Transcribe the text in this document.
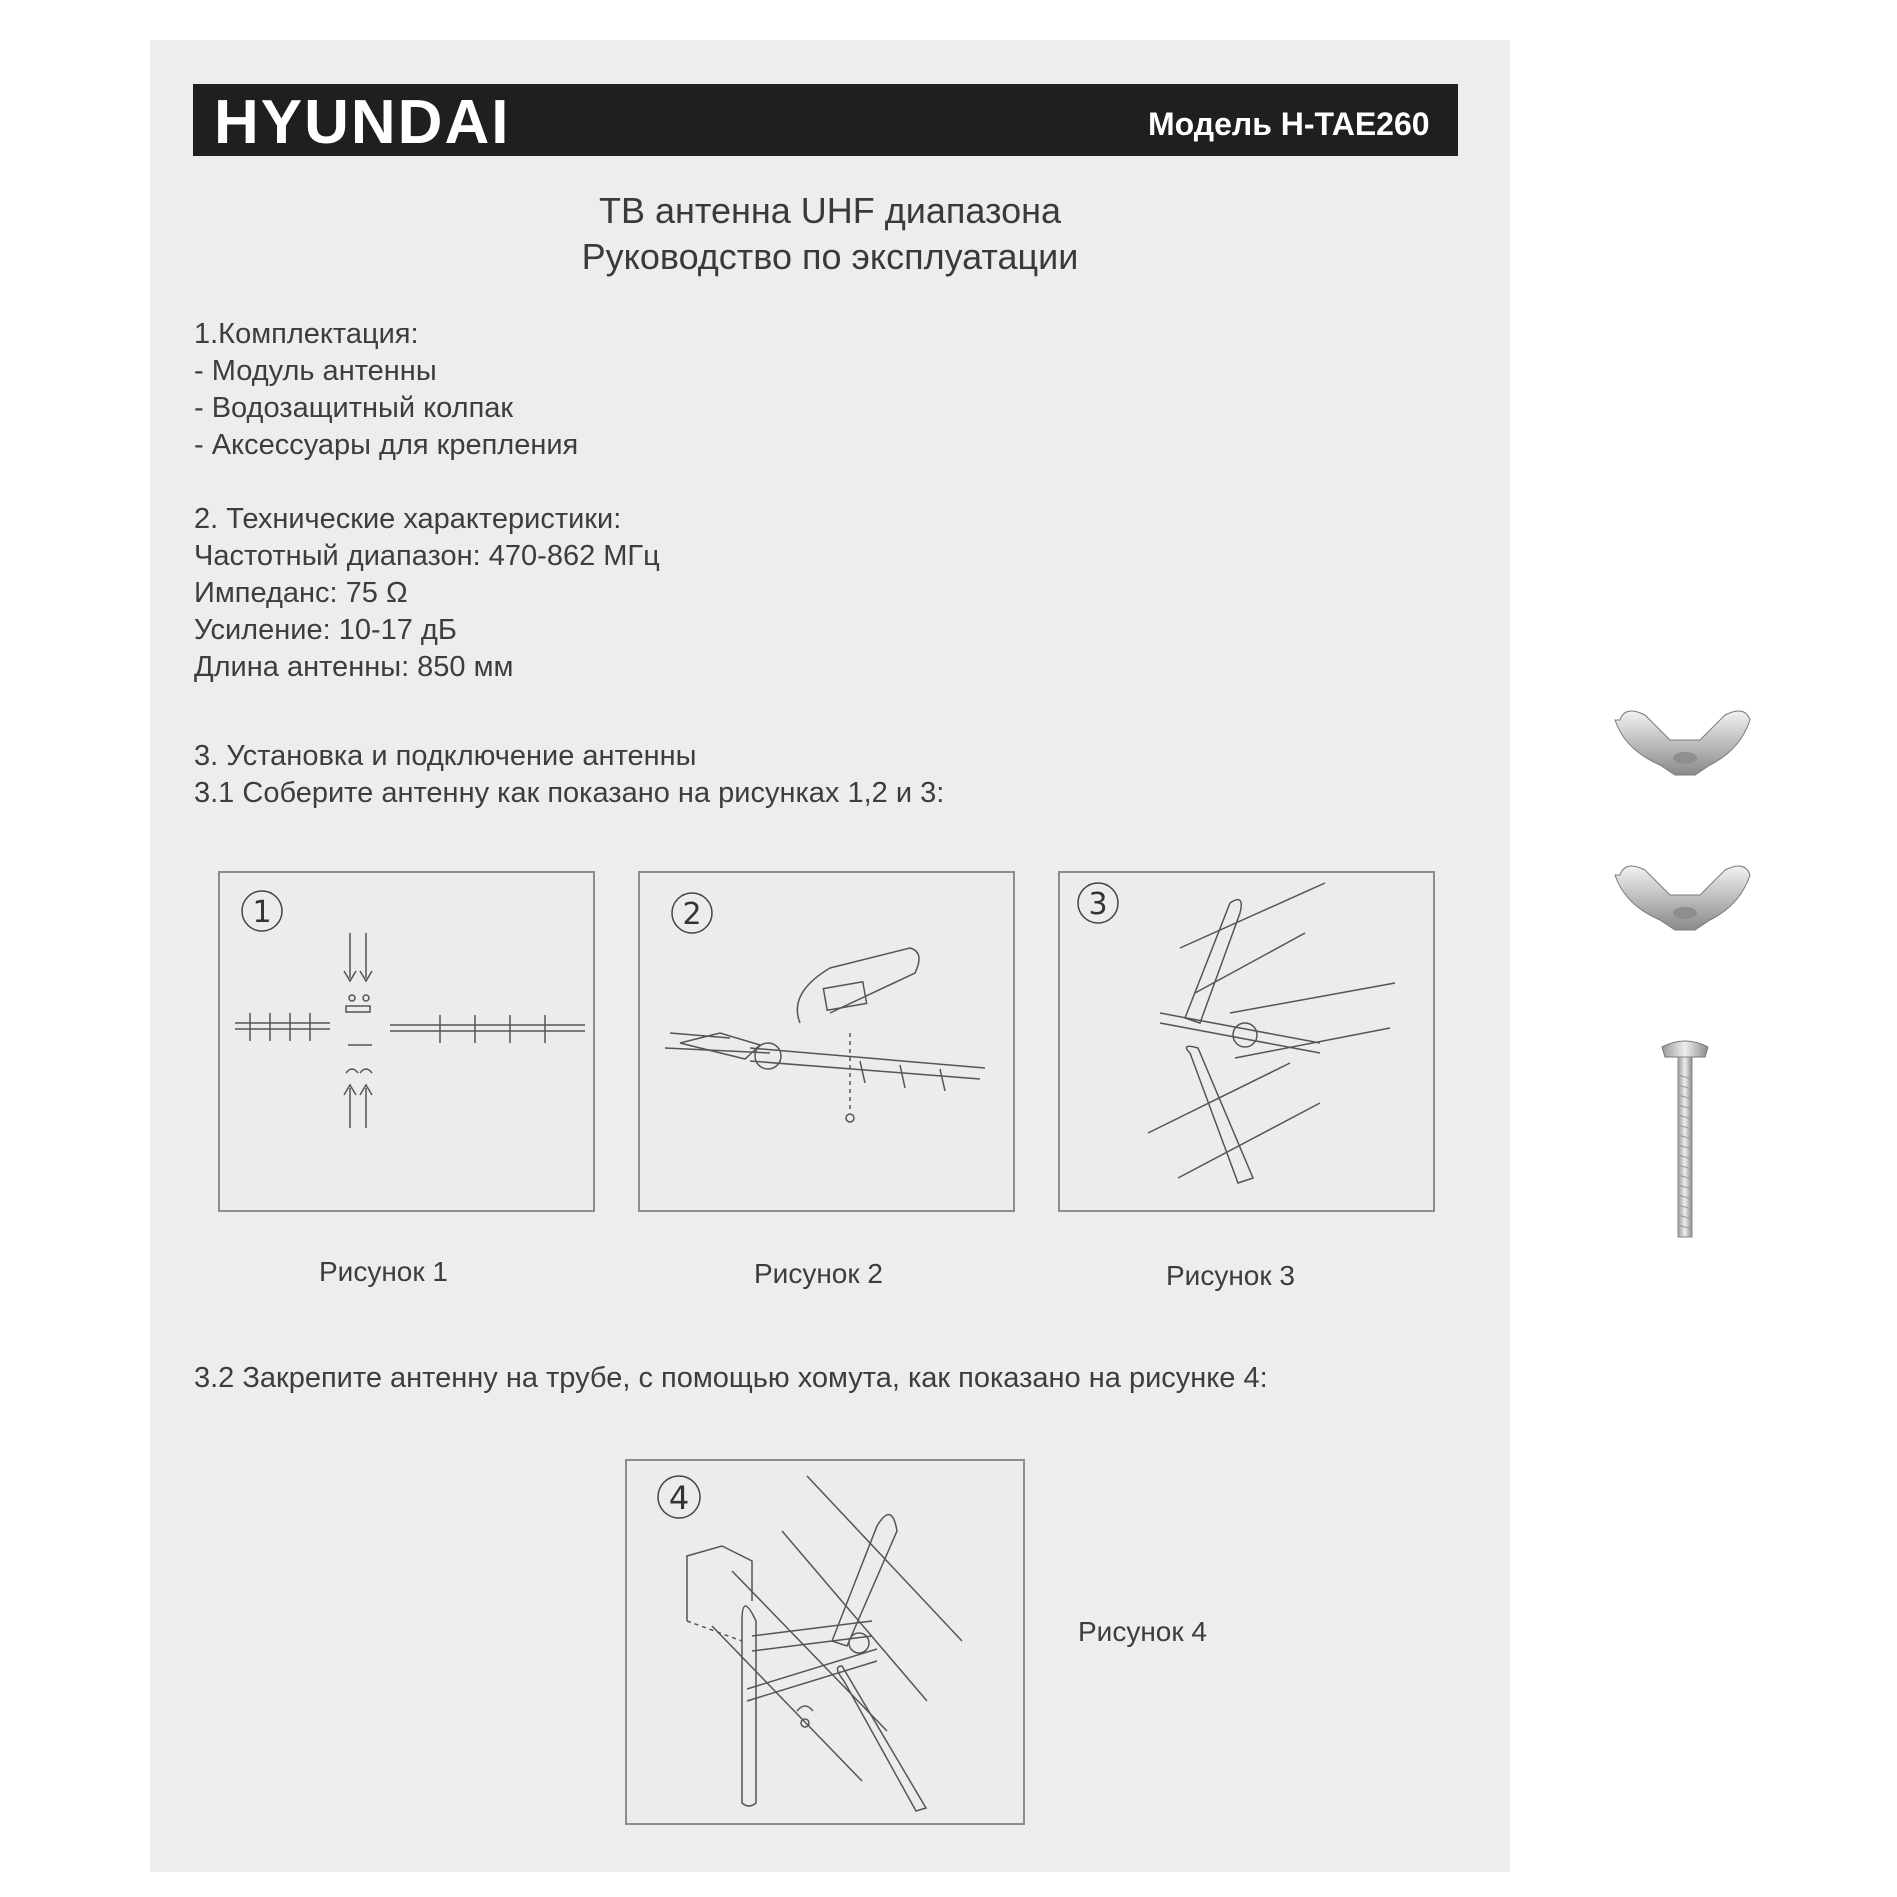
HYUNDAI	Модель H-TAE260
ТВ антенна UHF диапазона
Руководство по эксплуатации
1.Комплектация:
- Модуль антенны
- Водозащитный колпак
- Аксессуары для крепления
2. Технические характеристики:
Частотный диапазон: 470-862 МГц
Импеданс: 75 Ω
Усиление: 10-17 дБ
Длина антенны: 850 мм
3. Установка и подключение антенны
3.1 Соберите антенну как показано на рисунках 1,2 и 3:
1	2	3
Рисунок 1	Рисунок 2	Рисунок 3
3.2 Закрепите антенну на трубе, с помощью хомута, как показано на рисунке 4:
4
Рисунок 4
